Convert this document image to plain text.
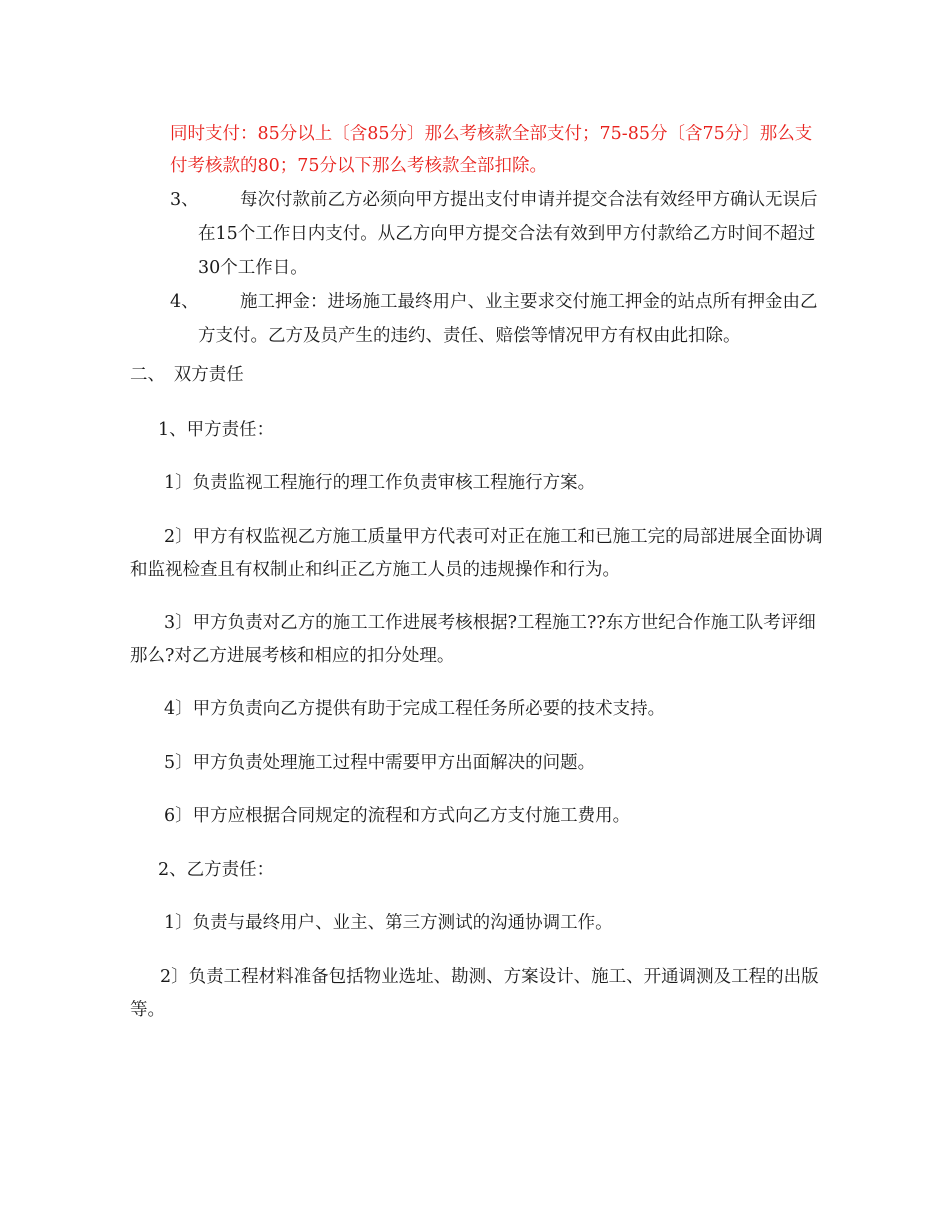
同时支付：85分以上〔含85分〕那么考核款全部支付；75-85分〔含75分〕那么支
付考核款的80；75分以下那么考核款全部扣除。
3、 每次付款前乙方必须向甲方提出支付申请并提交合法有效经甲方确认无误后
在15个工作日内支付。从乙方向甲方提交合法有效到甲方付款给乙方时间不超过
30个工作日。
4、 施工押金：进场施工最终用户、业主要求交付施工押金的站点所有押金由乙
方支付。乙方及员产生的违约、责任、赔偿等情况甲方有权由此扣除。
二、　双方责任
1、甲方责任：
1〕负责监视工程施行的理工作负责审核工程施行方案。
2〕甲方有权监视乙方施工质量甲方代表可对正在施工和已施工完的局部进展全面协调
和监视检查且有权制止和纠正乙方施工人员的违规操作和行为。
3〕甲方负责对乙方的施工工作进展考核根据?工程施工??东方世纪合作施工队考评细
那么?对乙方进展考核和相应的扣分处理。
4〕甲方负责向乙方提供有助于完成工程任务所必要的技术支持。
5〕甲方负责处理施工过程中需要甲方出面解决的问题。
6〕甲方应根据合同规定的流程和方式向乙方支付施工费用。
2、乙方责任：
1〕负责与最终用户、业主、第三方测试的沟通协调工作。
2〕负责工程材料准备包括物业选址、勘测、方案设计、施工、开通调测及工程的出版
等。
